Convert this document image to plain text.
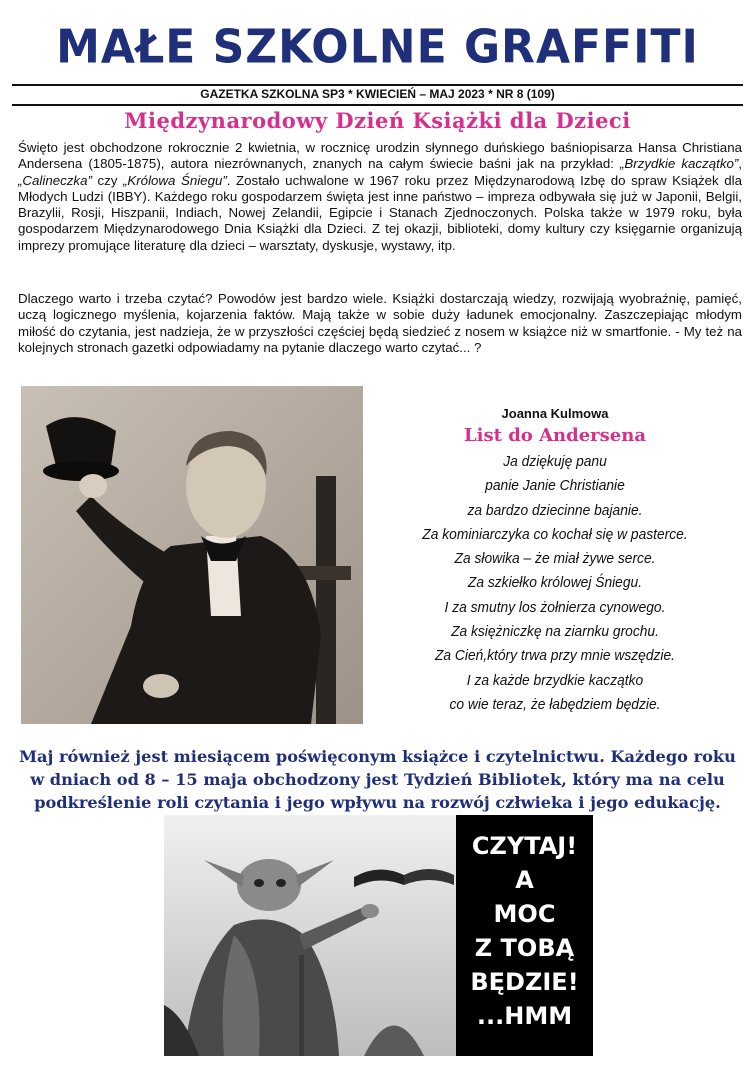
MAŁE SZKOLNE GRAFFITI
GAZETKA SZKOLNA SP3 * KWIECIEŃ – MAJ 2023 * NR 8 (109)
Międzynarodowy Dzień Książki dla Dzieci

Święto jest obchodzone rokrocznie 2 kwietnia, w rocznicę urodzin słynnego duńskiego baśniopisarza Hansa Christiana Andersena (1805-1875), autora niezrównanych, znanych na całym świecie baśni jak na przykład: „Brzydkie kaczątko”, „Calineczka” czy „Królowa Śniegu”. Zostało uchwalone w 1967 roku przez Międzynarodową Izbę do spraw Książek dla Młodych Ludzi (IBBY). Każdego roku gospodarzem święta jest inne państwo – impreza odbywała się już w Japonii, Belgii, Brazylii, Rosji, Hiszpanii, Indiach, Nowej Zelandii, Egipcie i Stanach Zjednoczonych. Polska także w 1979 roku, była gospodarzem Międzynarodowego Dnia Książki dla Dzieci. Z tej okazji, biblioteki, domy kultury czy księgarnie organizują imprezy promujące literaturę dla dzieci – warsztaty, dyskusje, wystawy, itp.

Dlaczego warto i trzeba czytać? Powodów jest bardzo wiele. Książki dostarczają wiedzy, rozwijają wyobraźnię, pamięć, uczą logicznego myślenia, kojarzenia faktów. Mają także w sobie duży ładunek emocjonalny. Zaszczepiając młodym miłość do czytania, jest nadzieja, że w przyszłości częściej będą siedzieć z nosem w książce niż w smartfonie. - My też na kolejnych stronach gazetki odpowiadamy na pytanie dlaczego warto czytać... ?

Joanna Kulmowa
List do Andersena
Ja dziękuję panu
panie Janie Christianie
za bardzo dziecinne bajanie.
Za kominiarczyka co kochał się w pasterce.
Za słowika – że miał żywe serce.
Za szkiełko królowej Śniegu.
I za smutny los żołnierza cynowego.
Za księżniczkę na ziarnku grochu.
Za Cień,który trwa przy mnie wszędzie.
I za każde brzydkie kaczątko
co wie teraz, że łabędziem będzie.

Maj również jest miesiącem poświęconym książce i czytelnictwu. Każdego roku w dniach od 8 – 15 maja obchodzony jest Tydzień Bibliotek, który ma na celu podkreślenie roli czytania i jego wpływu na rozwój człwieka i jego edukację.

CZYTAJ!
A
MOC
Z TOBĄ
BĘDZIE!
...HMM
